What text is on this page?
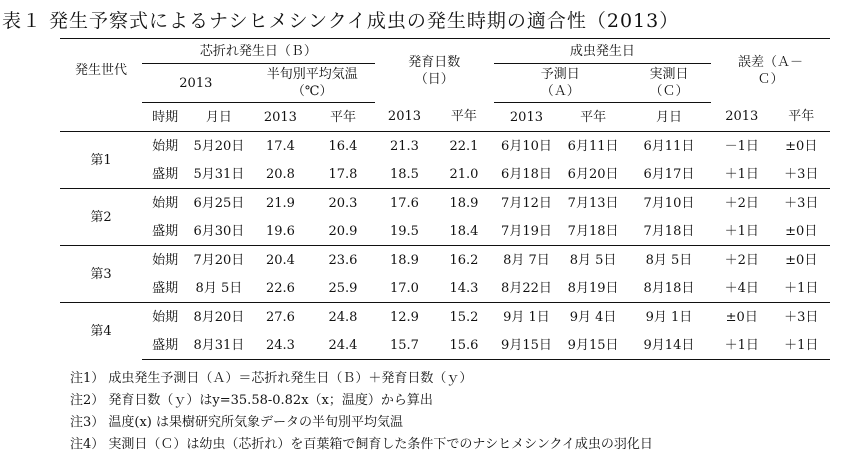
表１ 発生予察式によるナシヒメシンクイ成虫の発生時期の適合性（2013）
発生世代	芯折れ発生日（Ｂ）				発育日数（日）		成虫発生日			誤差（Ａ－Ｃ）	

	2013		半旬別平均気温（℃）				予測日（Ａ）		実測日（Ｃ）		

	時期	月日	2013	平年	2013	平年	2013	平年	月日	2013	平年
第1	始期	5月20日	17.4	16.4	21.3	22.1	6月10日	6月11日	6月11日	－1日	±0日
	盛期	5月31日	20.8	17.8	18.5	21.0	6月18日	6月20日	6月17日	＋1日	＋3日
第2	始期	6月25日	21.9	20.3	17.6	18.9	7月12日	7月13日	7月10日	＋2日	＋3日
	盛期	6月30日	19.6	20.9	19.5	18.4	7月19日	7月18日	7月18日	＋1日	±0日
第3	始期	7月20日	20.4	23.6	18.9	16.2	8月 7日	8月 5日	8月 5日	＋2日	±0日
	盛期	8月 5日	22.6	25.9	17.0	14.3	8月22日	8月19日	8月18日	＋4日	＋1日
第4	始期	8月20日	27.6	24.8	12.9	15.2	9月 1日	9月 4日	9月 1日	±0日	＋3日
	盛期	8月31日	24.3	24.4	15.7	15.6	9月15日	9月15日	9月14日	＋1日	＋1日
注1） 成虫発生予測日（Ａ）＝芯折れ発生日（Ｂ）＋発育日数（ｙ）
注2） 発育日数（ｙ）はy=35.58-0.82x（x；温度）から算出
注3） 温度(x) は果樹研究所気象データの半旬別平均気温
注4） 実測日（Ｃ）は幼虫（芯折れ）を百葉箱で飼育した条件下でのナシヒメシンクイ成虫の羽化日
